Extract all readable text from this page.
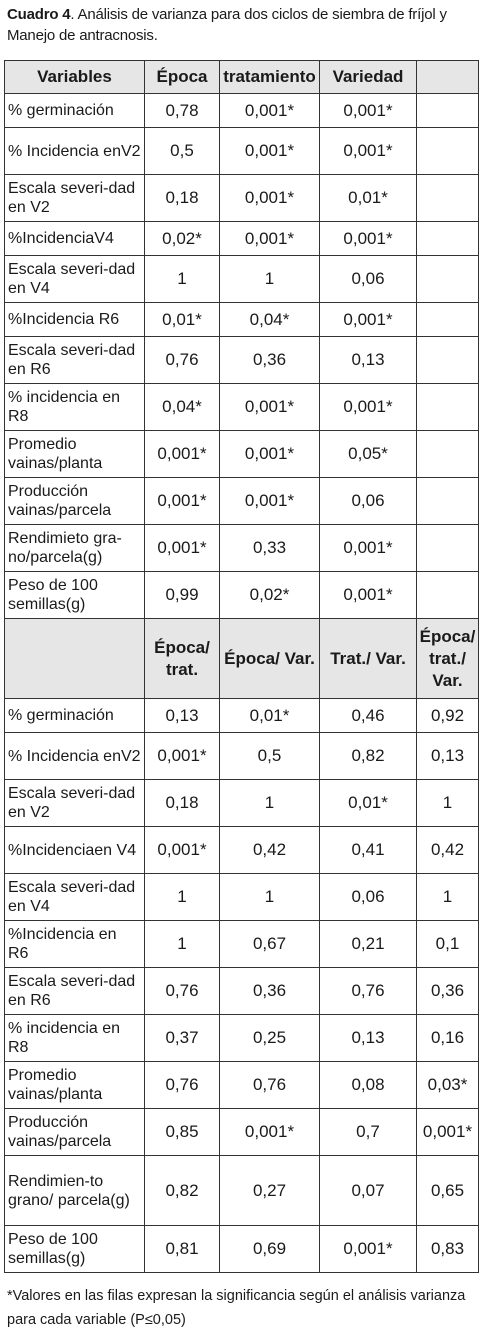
Cuadro 4. Análisis de varianza para dos ciclos de siembra de fríjol y Manejo de antracnosis.
Variables	Época	tratamiento	Variedad	
% germinación	0,78	0,001*	0,001*	
% Incidencia enV2	0,5	0,001*	0,001*	
Escala severi-dad en V2	0,18	0,001*	0,01*	
%IncidenciaV4	0,02*	0,001*	0,001*	
Escala severi-dad en V4	1	1	0,06	
%Incidencia R6	0,01*	0,04*	0,001*	
Escala severi-dad en R6	0,76	0,36	0,13	
% incidencia en R8	0,04*	0,001*	0,001*	
Promedio vainas/planta	0,001*	0,001*	0,05*	
Producción vainas/parcela	0,001*	0,001*	0,06	
Rendimieto gra-no/parcela(g)	0,001*	0,33	0,001*	
Peso de 100 semillas(g)	0,99	0,02*	0,001*	
	Época/ trat.	Época/ Var.	Trat./ Var.	Época/ trat./ Var.
% germinación	0,13	0,01*	0,46	0,92
% Incidencia enV2	0,001*	0,5	0,82	0,13
Escala severi-dad en V2	0,18	1	0,01*	1
%Incidenciaen V4	0,001*	0,42	0,41	0,42
Escala severi-dad en V4	1	1	0,06	1
%Incidencia en R6	1	0,67	0,21	0,1
Escala severi-dad en R6	0,76	0,36	0,76	0,36
% incidencia en R8	0,37	0,25	0,13	0,16
Promedio vainas/planta	0,76	0,76	0,08	0,03*
Producción vainas/parcela	0,85	0,001*	0,7	0,001*
Rendimien-to grano/ parcela(g)	0,82	0,27	0,07	0,65
Peso de 100 semillas(g)	0,81	0,69	0,001*	0,83
*Valores en las filas expresan la significancia según el análisis varianza para cada variable (P≤0,05)
